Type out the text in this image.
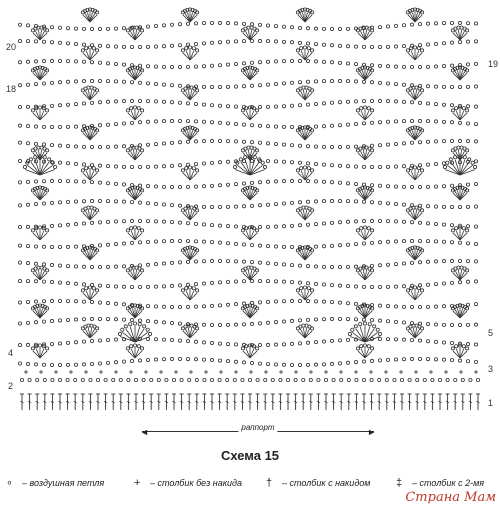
20
18
4
2
19
5
3
1
◄	►
раппорт
Схема 15
∘ – воздушная петля	+ – столбик без накида	† – столбик с накидом	‡ – столбик с 2-мя
Страна Мам
